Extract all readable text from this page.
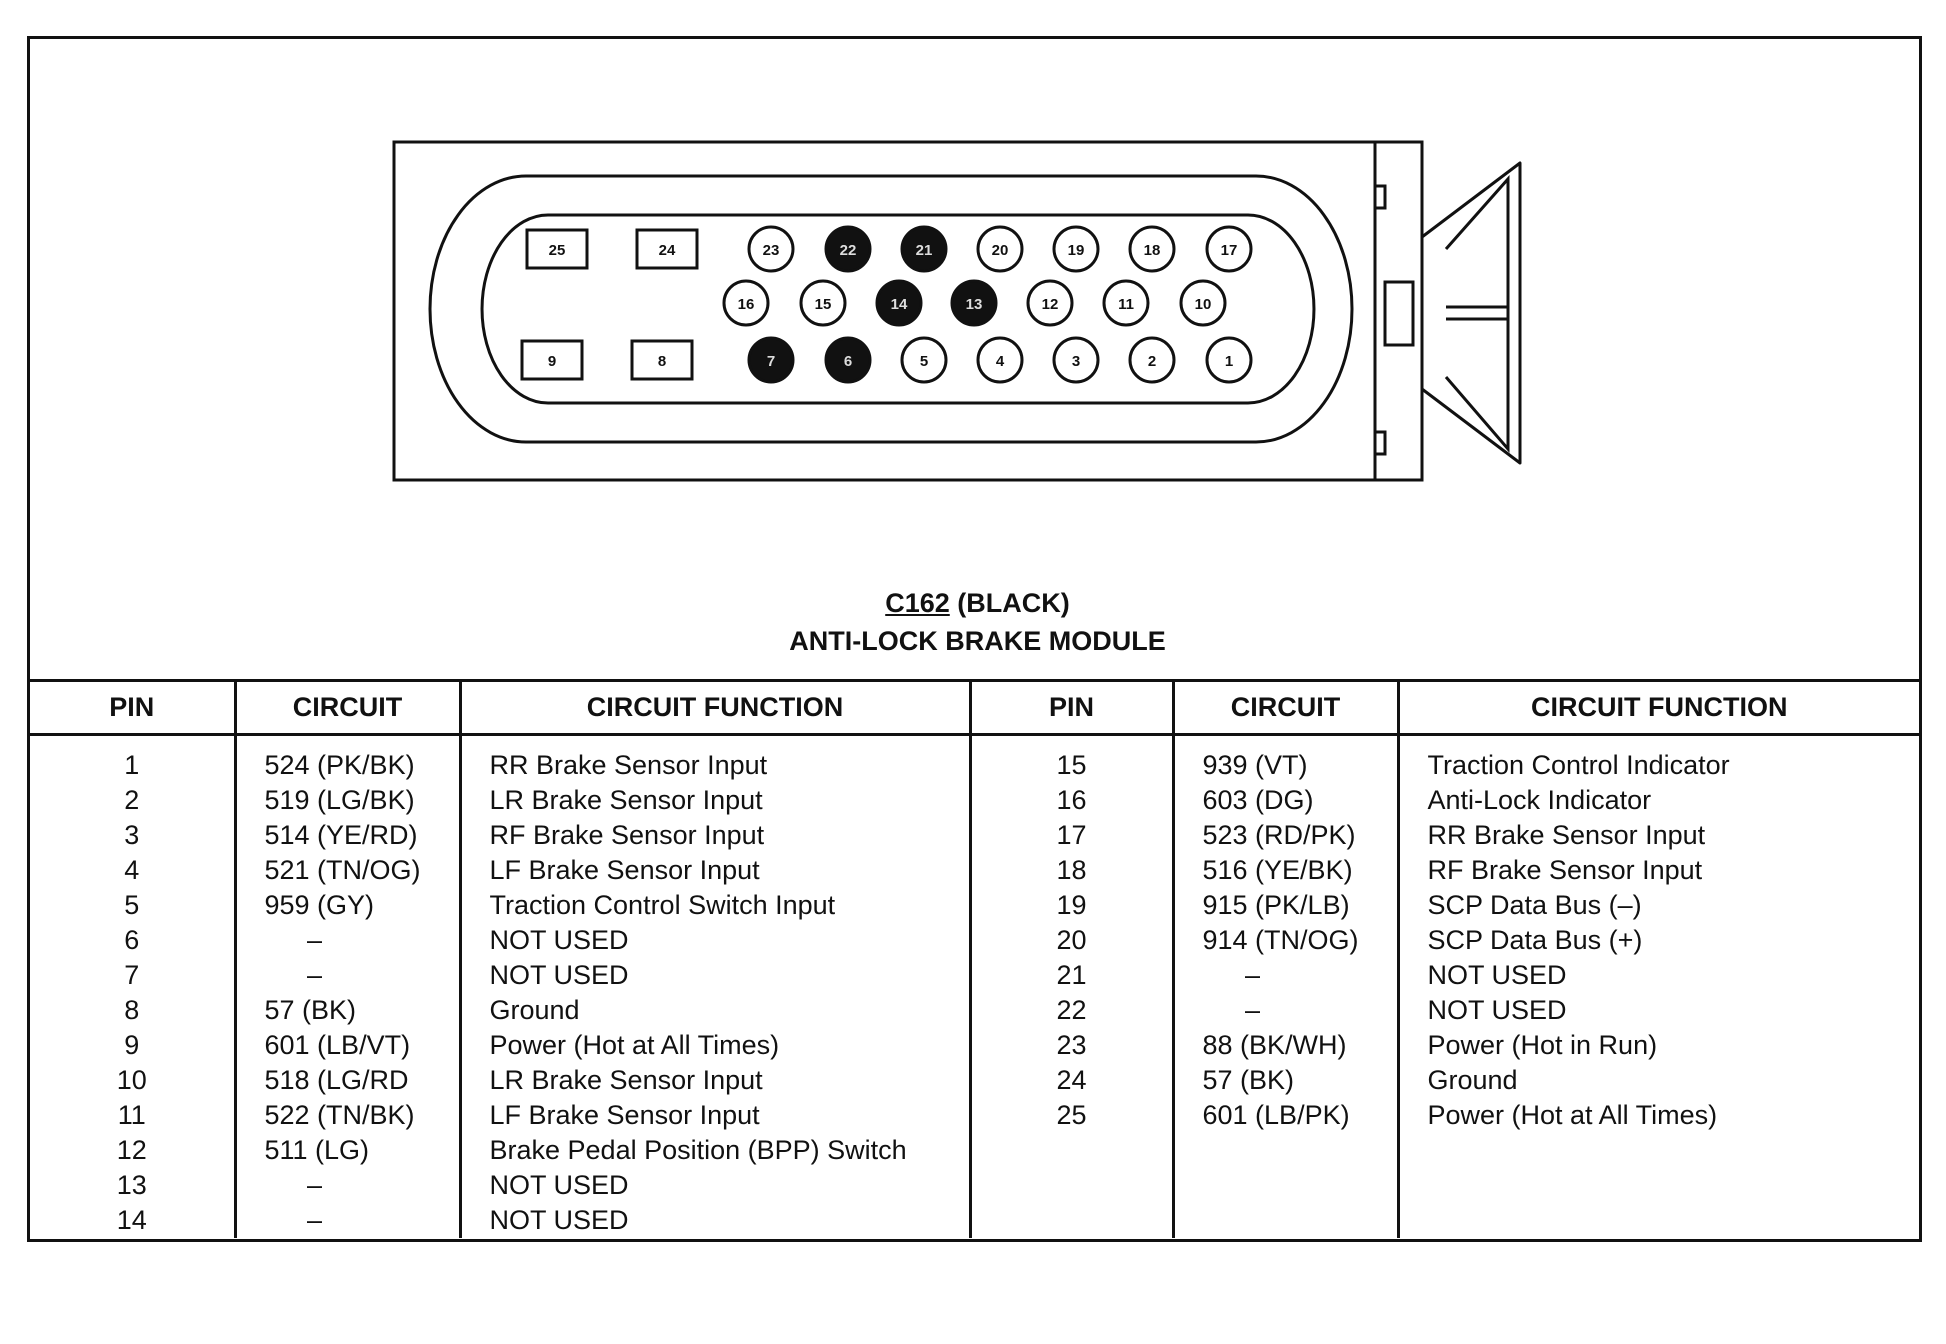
25	24	23	22	21	20	19	18	17
16	15	14	13	12	11	10
9	8	7	6	5	4	3	2	1
C162 (BLACK)
ANTI-LOCK BRAKE MODULE
PIN	CIRCUIT	CIRCUIT FUNCTION	PIN	CIRCUIT	CIRCUIT FUNCTION
1	524 (PK/BK)	RR Brake Sensor Input	15	939 (VT)	Traction Control Indicator
2	519 (LG/BK)	LR Brake Sensor Input	16	603 (DG)	Anti-Lock Indicator
3	514 (YE/RD)	RF Brake Sensor Input	17	523 (RD/PK)	RR Brake Sensor Input
4	521 (TN/OG)	LF Brake Sensor Input	18	516 (YE/BK)	RF Brake Sensor Input
5	959 (GY)	Traction Control Switch Input	19	915 (PK/LB)	SCP Data Bus (–)
6	–	NOT USED	20	914 (TN/OG)	SCP Data Bus (+)
7	–	NOT USED	21	–	NOT USED
8	57 (BK)	Ground	22	–	NOT USED
9	601 (LB/VT)	Power (Hot at All Times)	23	88 (BK/WH)	Power (Hot in Run)
10	518 (LG/RD	LR Brake Sensor Input	24	57 (BK)	Ground
11	522 (TN/BK)	LF Brake Sensor Input	25	601 (LB/PK)	Power (Hot at All Times)
12	511 (LG)	Brake Pedal Position (BPP) Switch			
13	–	NOT USED			
14	–	NOT USED			
